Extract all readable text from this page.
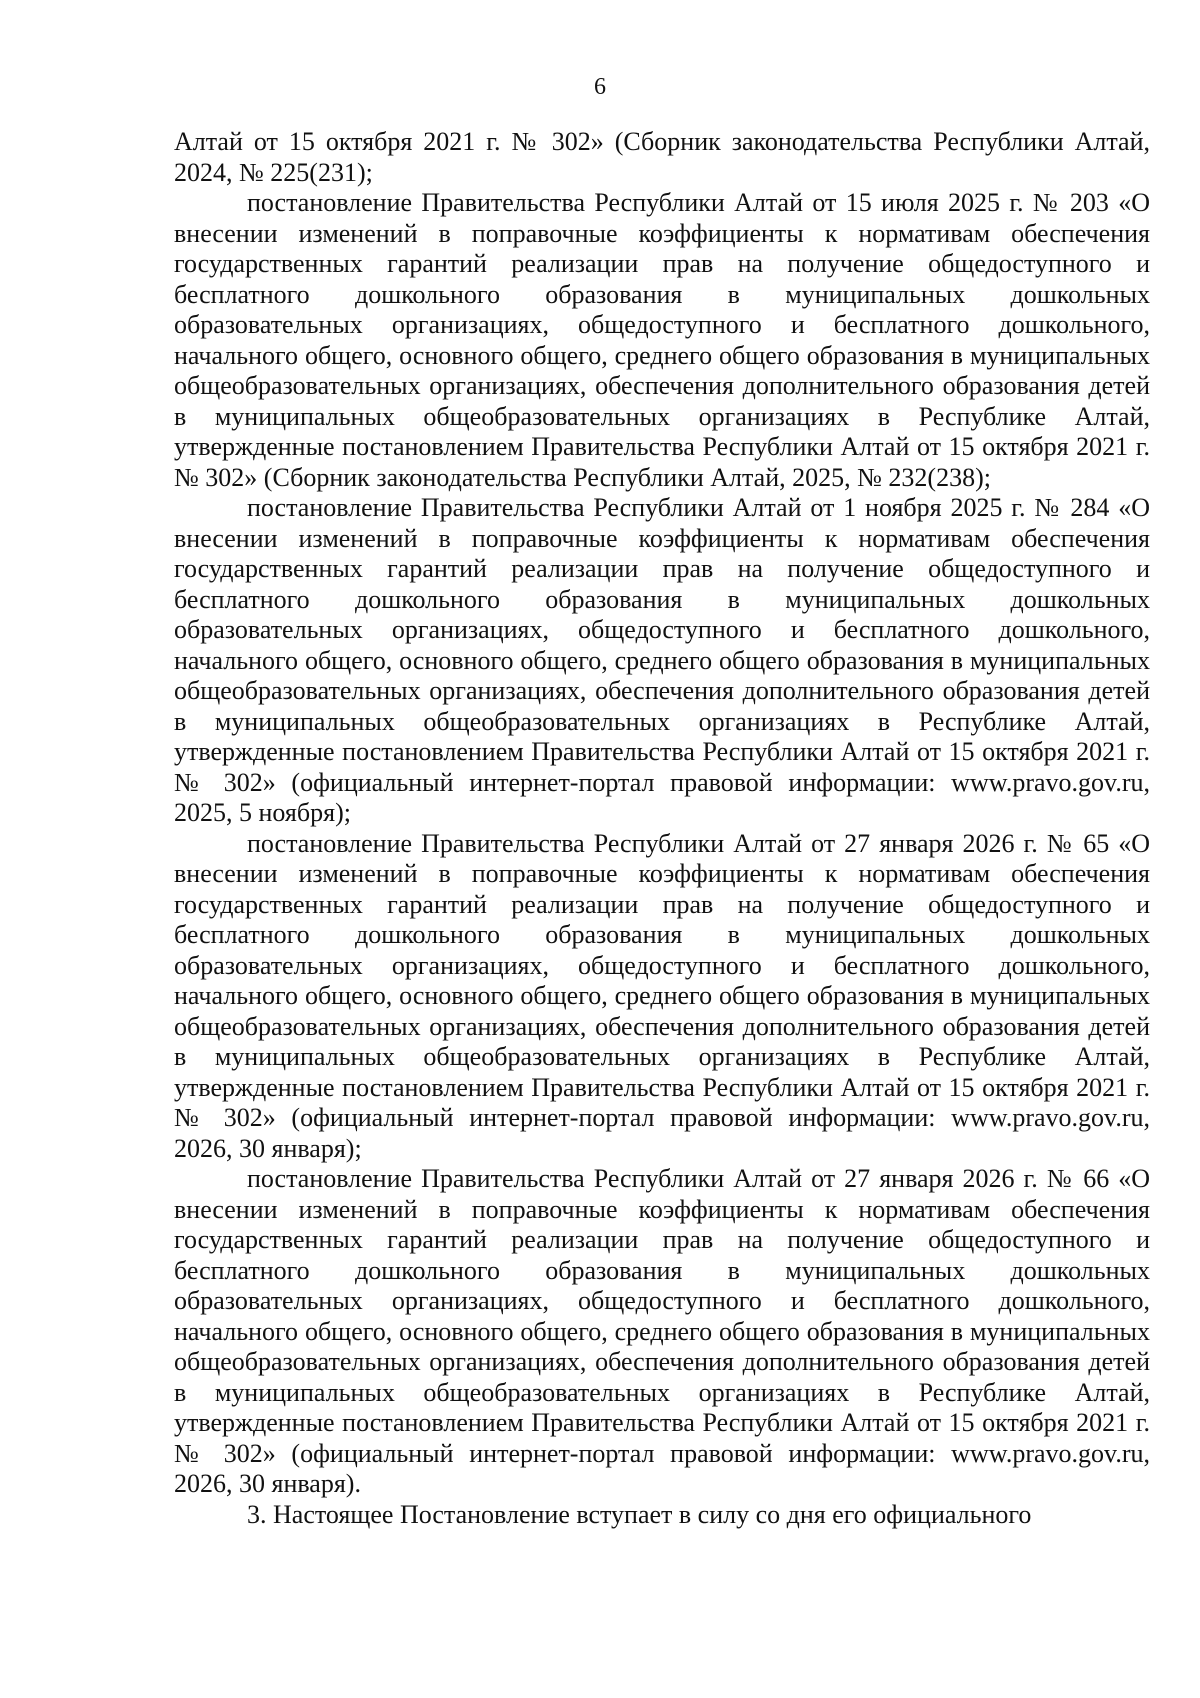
6

Алтай от 15 октября 2021 г. № 302» (Сборник законодательства Республики Алтай, 2024, № 225(231);

постановление Правительства Республики Алтай от 15 июля 2025 г. № 203 «О внесении изменений в поправочные коэффициенты к нормативам обеспечения государственных гарантий реализации прав на получение общедоступного и бесплатного дошкольного образования в муниципальных дошкольных образовательных организациях, общедоступного и бесплатного дошкольного, начального общего, основного общего, среднего общего образования в муниципальных общеобразовательных организациях, обеспечения дополнительного образования детей в муниципальных общеобразовательных организациях в Республике Алтай, утвержденные постановлением Правительства Республики Алтай от 15 октября 2021 г. № 302» (Сборник законодательства Республики Алтай, 2025, № 232(238);

постановление Правительства Республики Алтай от 1 ноября 2025 г. № 284 «О внесении изменений в поправочные коэффициенты к нормативам обеспечения государственных гарантий реализации прав на получение общедоступного и бесплатного дошкольного образования в муниципальных дошкольных образовательных организациях, общедоступного и бесплатного дошкольного, начального общего, основного общего, среднего общего образования в муниципальных общеобразовательных организациях, обеспечения дополнительного образования детей в муниципальных общеобразовательных организациях в Республике Алтай, утвержденные постановлением Правительства Республики Алтай от 15 октября 2021 г. № 302» (официальный интернет-портал правовой информации: www.pravo.gov.ru, 2025, 5 ноября);

постановление Правительства Республики Алтай от 27 января 2026 г. № 65 «О внесении изменений в поправочные коэффициенты к нормативам обеспечения государственных гарантий реализации прав на получение общедоступного и бесплатного дошкольного образования в муниципальных дошкольных образовательных организациях, общедоступного и бесплатного дошкольного, начального общего, основного общего, среднего общего образования в муниципальных общеобразовательных организациях, обеспечения дополнительного образования детей в муниципальных общеобразовательных организациях в Республике Алтай, утвержденные постановлением Правительства Республики Алтай от 15 октября 2021 г. № 302» (официальный интернет-портал правовой информации: www.pravo.gov.ru, 2026, 30 января);

постановление Правительства Республики Алтай от 27 января 2026 г. № 66 «О внесении изменений в поправочные коэффициенты к нормативам обеспечения государственных гарантий реализации прав на получение общедоступного и бесплатного дошкольного образования в муниципальных дошкольных образовательных организациях, общедоступного и бесплатного дошкольного, начального общего, основного общего, среднего общего образования в муниципальных общеобразовательных организациях, обеспечения дополнительного образования детей в муниципальных общеобразовательных организациях в Республике Алтай, утвержденные постановлением Правительства Республики Алтай от 15 октября 2021 г. № 302» (официальный интернет-портал правовой информации: www.pravo.gov.ru, 2026, 30 января).

3. Настоящее Постановление вступает в силу со дня его официального
